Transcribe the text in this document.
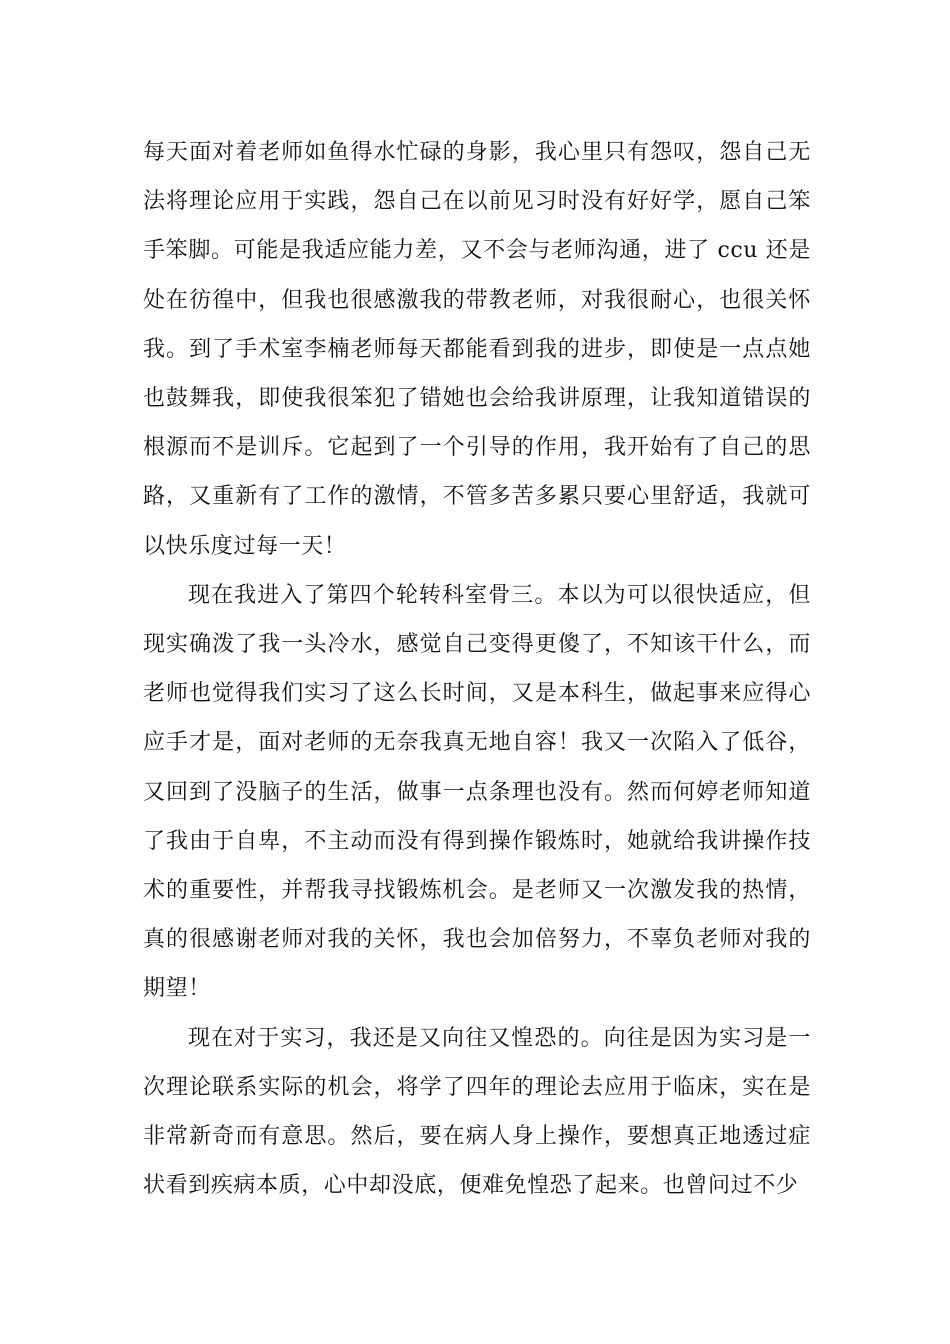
每天面对着老师如鱼得水忙碌的身影，我心里只有怨叹，怨自己无法将理论应用于实践，怨自己在以前见习时没有好好学，愿自己笨手笨脚。可能是我适应能力差，又不会与老师沟通，进了 ccu 还是处在彷徨中，但我也很感激我的带教老师，对我很耐心，也很关怀我。到了手术室李楠老师每天都能看到我的进步，即使是一点点她也鼓舞我，即使我很笨犯了错她也会给我讲原理，让我知道错误的根源而不是训斥。它起到了一个引导的作用，我开始有了自己的思路，又重新有了工作的激情，不管多苦多累只要心里舒适，我就可以快乐度过每一天！

现在我进入了第四个轮转科室骨三。本以为可以很快适应，但现实确泼了我一头冷水，感觉自己变得更傻了，不知该干什么，而老师也觉得我们实习了这么长时间，又是本科生，做起事来应得心应手才是，面对老师的无奈我真无地自容！我又一次陷入了低谷，又回到了没脑子的生活，做事一点条理也没有。然而何婷老师知道了我由于自卑，不主动而没有得到操作锻炼时，她就给我讲操作技术的重要性，并帮我寻找锻炼机会。是老师又一次激发我的热情，真的很感谢老师对我的关怀，我也会加倍努力，不辜负老师对我的期望！

现在对于实习，我还是又向往又惶恐的。向往是因为实习是一次理论联系实际的机会，将学了四年的理论去应用于临床，实在是非常新奇而有意思。然后，要在病人身上操作，要想真正地透过症状看到疾病本质，心中却没底，便难免惶恐了起来。也曾问过不少
